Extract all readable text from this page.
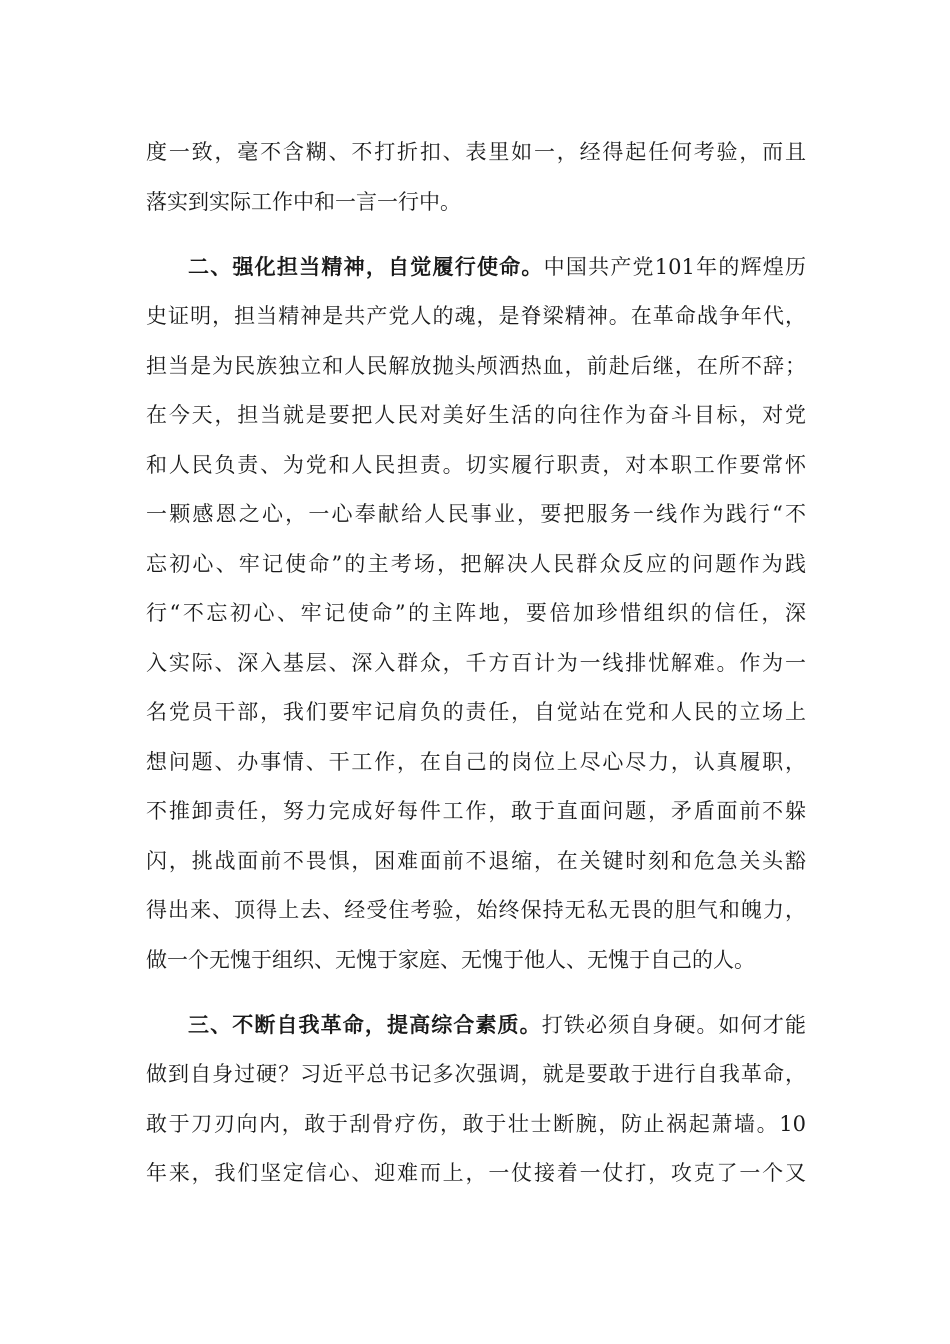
度一致，毫不含糊、不打折扣、表里如一，经得起任何考验，而且
落实到实际工作中和一言一行中。
二、强化担当精神，自觉履行使命。中国共产党101年的辉煌历
史证明，担当精神是共产党人的魂，是脊梁精神。在革命战争年代，
担当是为民族独立和人民解放抛头颅洒热血，前赴后继，在所不辞；
在今天，担当就是要把人民对美好生活的向往作为奋斗目标，对党
和人民负责、为党和人民担责。切实履行职责，对本职工作要常怀
一颗感恩之心，一心奉献给人民事业，要把服务一线作为践行“不
忘初心、牢记使命”的主考场，把解决人民群众反应的问题作为践
行“不忘初心、牢记使命”的主阵地，要倍加珍惜组织的信任，深
入实际、深入基层、深入群众，千方百计为一线排忧解难。作为一
名党员干部，我们要牢记肩负的责任，自觉站在党和人民的立场上
想问题、办事情、干工作，在自己的岗位上尽心尽力，认真履职，
不推卸责任，努力完成好每件工作，敢于直面问题，矛盾面前不躲
闪，挑战面前不畏惧，困难面前不退缩，在关键时刻和危急关头豁
得出来、顶得上去、经受住考验，始终保持无私无畏的胆气和魄力，
做一个无愧于组织、无愧于家庭、无愧于他人、无愧于自己的人。
三、不断自我革命，提高综合素质。打铁必须自身硬。如何才能
做到自身过硬？习近平总书记多次强调，就是要敢于进行自我革命，
敢于刀刃向内，敢于刮骨疗伤，敢于壮士断腕，防止祸起萧墙。10
年来，我们坚定信心、迎难而上，一仗接着一仗打，攻克了一个又
